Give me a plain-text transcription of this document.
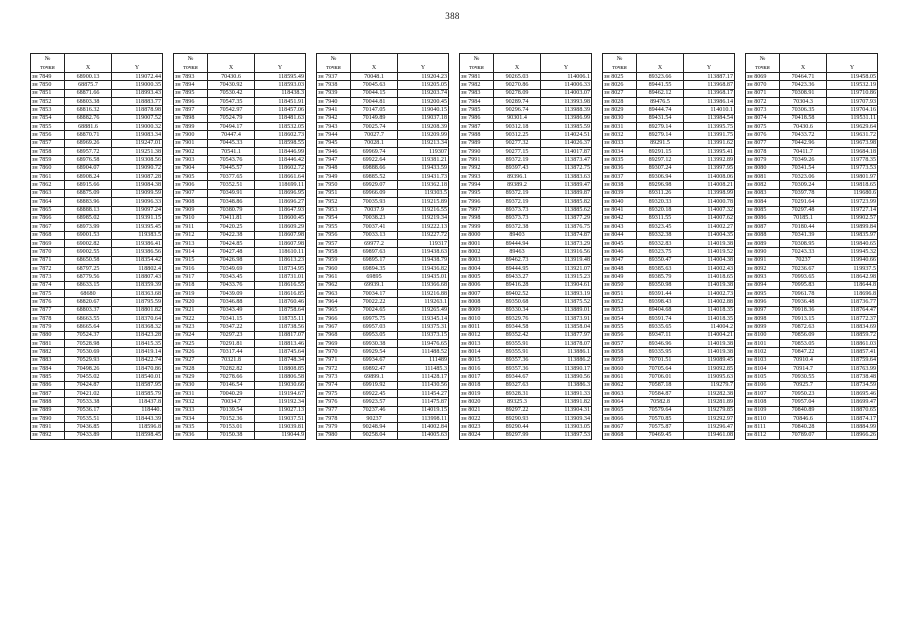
388
№		
точки	X	Y
зн 7849	68900.13	119072.44
зн 7850	68875.7	119000.35
зн 7851	68871.66	118993.43
зн 7852	68803.38	118883.77
зн 7853	68816.32	118878.98
зн 7854	68882.76	119007.52
зн 7855	68881.6	119000.32
зн 7856	68870.71	119083.34
зн 7857	68969.26	119247.01
зн 7858	68957.72	119251.38
зн 7859	68976.58	119308.56
зн 7860	68904.07	119090.72
зн 7861	68908.24	119087.28
зн 7862	68915.66	119084.38
зн 7863	68875.09	119099.59
зн 7864	68883.96	119096.33
зн 7865	68888.13	119097.24
зн 7866	68985.02	119391.15
зн 7867	68973.99	119395.45
зн 7868	69001.53	119383.5
зн 7869	69002.82	119386.41
зн 7870	69002.55	119386.56
зн 7871	68650.58	118354.42
зн 7872	68797.25	118802.4
зн 7873	68779.56	118807.43
зн 7874	68633.15	118359.39
зн 7875	68680	118363.68
зн 7876	68820.67	118795.59
зн 7877	68803.37	118801.82
зн 7878	68663.55	118370.64
зн 7879	68665.64	118368.32
зн 7880	70524.37	118423.28
зн 7881	70528.98	118415.35
зн 7882	70530.69	118419.14
зн 7883	70529.93	118422.74
зн 7884	70498.26	118470.86
зн 7885	70455.02	118540.01
зн 7886	70424.87	118587.95
зн 7887	70421.02	118585.79
зн 7888	70533.38	118437.8
зн 7889	70536.17	118440.
зн 7890	70535.51	118443.39
зн 7891	70436.85	118596.8
зн 7892	70433.89	118598.45
№		
точки	X	Y
зн 7893	70430.6	118595.49
зн 7894	70430.92	118593.03
зн 7895	70530.42	118438.3
зн 7896	70547.35	118451.91
зн 7897	70542.97	118457.06
зн 7898	70524.79	118481.63
зн 7899	70494.17	118532.05
зн 7900	70447.4	118602.73
зн 7901	70445.33	118598.55
зн 7902	70541.1	118446.99
зн 7903	70543.76	118446.42
зн 7904	70445.57	118602.72
зн 7905	70377.65	118661.64
зн 7906	70352.51	118699.11
зн 7907	70349.91	118696.95
зн 7908	70348.86	118696.27
зн 7909	70380.79	118647.93
зн 7910	70411.81	118600.45
зн 7911	70420.25	118609.29
зн 7912	70422.38	118607.98
зн 7913	70424.85	118607.98
зн 7914	70427.48	118610.11
зн 7915	70426.98	118613.23
зн 7916	70349.69	118734.95
зн 7917	70343.45	118731.01
зн 7918	70433.76	118616.55
зн 7919	70439.09	118616.85
зн 7920	70346.88	118760.46
зн 7921	70343.49	118758.64
зн 7922	70341.15	118735.11
зн 7923	70347.22	118738.56
зн 7924	70297.23	118817.07
зн 7925	70291.81	118813.46
зн 7926	70317.44	118745.64
зн 7927	70321.8	118748.34
зн 7928	70282.82	118808.85
зн 7929	70278.66	118806.58
зн 7930	70146.54	119030.66
зн 7931	70040.29	119194.67
зн 7932	70034.7	119192.34
зн 7933	70139.54	119027.13
зн 7934	70152.36	119037.51
зн 7935	70153.01	119039.81
зн 7936	70150.38	119044.9
№		
точки	X	Y
зн 7937	70048.1	119204.23
зн 7938	70045.63	119205.05
зн 7939	70044.15	119203.74
зн 7940	70044.81	119200.45
зн 7941	70147.05	119040.15
зн 7942	70149.89	119037.18
зн 7943	70025.74	119208.39
зн 7944	70027.7	119209.99
зн 7945	70028.1	119213.34
зн 7946	69969.74	119307
зн 7947	69922.64	119381.21
зн 7948	69888.66	119433.59
зн 7949	69885.52	119431.73
зн 7950	69929.07	119362.18
зн 7951	69966.09	119303.5
зн 7952	70035.93	119215.89
зн 7953	70037.9	119216.55
зн 7954	70038.23	119219.34
зн 7955	70037.41	119222.13
зн 7956	70033.13	119227.72
зн 7957	69977.2	119317
зн 7958	69897.63	119438.63
зн 7959	69895.17	119438.79
зн 7960	69894.35	119436.82
зн 7961	69895	119435.01
зн 7962	69939.1	119366.68
зн 7963	70034.17	119216.88
зн 7964	70022.22	119263.1
зн 7965	70024.65	119265.49
зн 7966	69975.75	119345.14
зн 7967	69957.03	119375.31
зн 7968	69953.05	119373.15
зн 7969	69930.38	119476.65
зн 7970	69929.54	111488.52
зн 7971	69934.67	111489
зн 7972	69892.47	111485.3
зн 7973	69899.1	111428.17
зн 7974	69919.92	111430.56
зн 7975	69922.45	111454.27
зн 7976	69923.57	111475.87
зн 7977	70237.46	114019.15
зн 7978	90237	113998.11
зн 7979	90248.94	114002.84
зн 7980	90258.04	114005.63
№		
точки	X	Y
зн 7981	90265.03	114006.1
зн 7982	90270.86	114006.33
зн 7983	90278.09	114003.07
зн 7984	90289.74	113993.98
зн 7985	90296.74	113988.39
зн 7986	90301.4	113986.99
зн 7987	90312.18	113985.59
зн 7988	90312.25	114024.51
зн 7989	90277.32	114026.37
зн 7990	90277.15	114017.87
зн 7991	89372.19	113873.47
зн 7992	89397.43	113872.75
зн 7993	89396.1	113883.63
зн 7994	89389.2	113889.47
зн 7995	89372.19	113889.87
зн 7996	89372.19	113885.82
зн 7997	89373.73	113885.62
зн 7998	89373.73	113877.29
зн 7999	89372.38	113876.75
зн 8000	89403	113874.87
зн 8001	89444.94	113873.29
зн 8002	89463	113916.56
зн 8003	89462.73	113919.48
зн 8004	89444.95	113921.07
зн 8005	89433.27	113915.23
зн 8006	89416.28	113904.61
зн 8007	89402.52	113893.19
зн 8008	89350.68	113875.52
зн 8009	89330.34	113889.01
зн 8010	89329.76	113873.91
зн 8011	89344.58	113858.04
зн 8012	89352.42	113877.97
зн 8013	89355.91	113878.07
зн 8014	89355.91	113886.1
зн 8015	89357.36	113886.2
зн 8016	89357.36	113890.17
зн 8017	89344.67	113890.56
зн 8018	89327.63	113886.3
зн 8019	89328.31	113891.33
зн 8020	89325.3	113891.82
зн 8021	89297.22	113904.31
зн 8022	89290.93	113909.34
зн 8023	89290.44	113903.05
зн 8024	89297.99	113897.53
№		
точки	X	Y
зн 8025	89323.66	113887.17
зн 8026	89441.55	113968.87
зн 8027	89462.12	113968.17
зн 8028	89476.5	113986.14
зн 8029	89444.74	114010.1
зн 8030	89431.54	113984.54
зн 8031	89279.14	113995.75
зн 8032	89279.14	113991.75
зн 8033	89291.5	113991.62
зн 8034	89291.15	113995.41
зн 8035	89297.12	113992.89
зн 8036	89307.24	113997.95
зн 8037	89306.94	114008.06
зн 8038	89296.98	114008.21
зн 8039	89311.26	113998.99
зн 8040	89320.33	114000.78
зн 8041	89320.18	114007.32
зн 8042	89311.55	114007.62
зн 8043	89323.45	114002.27
зн 8044	89332.38	114004.35
зн 8045	89332.83	114019.38
зн 8046	89323.75	114019.52
зн 8047	89350.47	114004.38
зн 8048	89385.63	114002.43
зн 8049	89385.79	114018.65
зн 8050	89350.98	114019.38
зн 8051	89391.44	114002.73
зн 8052	89398.43	114002.88
зн 8053	89404.68	114018.35
зн 8054	89391.74	114018.35
зн 8055	89335.65	114004.2
зн 8056	89347.11	114004.21
зн 8057	89346.96	114019.38
зн 8058	89335.95	114019.38
зн 8059	70701.51	119089.45
зн 8060	70705.64	119092.85
зн 8061	70706.01	119095.63
зн 8062	70587.18	119279.7
зн 8063	70584.87	119282.38
зн 8064	70582.8	119281.89
зн 8065	70579.64	119279.85
зн 8066	70570.85	119292.97
зн 8067	70575.87	119296.47
зн 8068	70469.45	119461.08
№		
точки	X	Y
зн 8069	70464.71	119458.05
зн 8070	70423.36	119532.19
зн 8071	70308.91	119710.86
зн 8072	70304.3	119707.93
зн 8073	70306.35	119704.16
зн 8074	70418.58	119531.11
зн 8075	70430.6	119629.64
зн 8076	70433.72	119631.72
зн 8077	70442.96	119673.98
зн 8078	70411.7	119684.18
зн 8079	70349.26	119778.35
зн 8080	70341.54	119773.53
зн 8081	70323.06	119801.97
зн 8082	70309.24	119818.65
зн 8083	70397.78	119680.6
зн 8084	70291.64	119723.99
зн 8085	70297.48	119727.14
зн 8086	70185.1	119902.57
зн 8087	70180.44	119899.84
зн 8088	70341.39	119835.97
зн 8089	70308.95	119840.65
зн 8090	70243.33	119945.32
зн 8091	70237	119940.66
зн 8092	70236.67	119937.5
зн 8093	70993.65	118642.98
зн 8094	70995.83	118644.8
зн 8095	70961.78	118696.8
зн 8096	70936.48	118736.77
зн 8097	70918.36	118764.47
зн 8098	70913.15	118772.37
зн 8099	70872.63	118834.69
зн 8100	70856.09	118859.72
зн 8101	70853.05	118861.03
зн 8102	70847.22	118857.41
зн 8103	70910.4	118759.64
зн 8104	70914.7	118763.99
зн 8105	70930.55	118738.48
зн 8106	70925.7	118734.59
зн 8107	70950.23	118695.46
зн 8108	70957.04	118699.47
зн 8109	70840.89	118870.65
зн 8110	70846.6	118874.17
зн 8111	70840.28	118884.99
зн 8112	70789.07	118966.26
